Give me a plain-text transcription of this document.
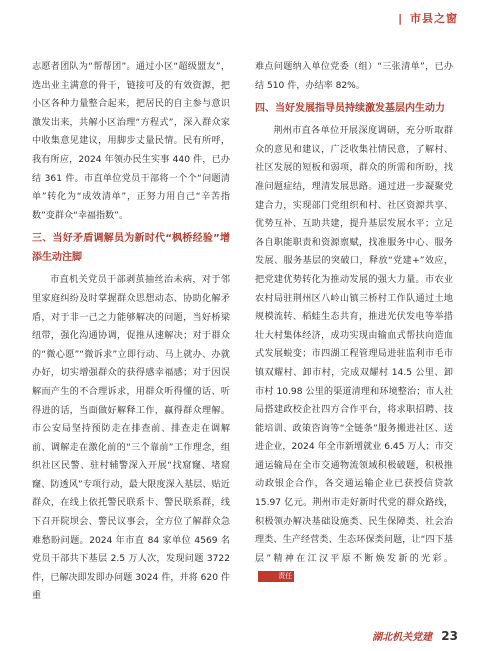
| 市县之窗

志愿者团队为“帮帮团”。通过小区“超级盟友”，选出业主满意的骨干，链接可及的有效资源，把小区各种力量整合起来，把居民的自主参与意识激发出来，共解小区治理“方程式”，深入群众家中收集意见建议，用脚步丈量民情。民有所呼，我有所应，2024 年领办民生实事 440 件，已办结 361 件。市直单位党员干部将一个个“问题清单”转化为“成效清单”，正努力用自己“辛苦指数”变群众“幸福指数”。

三、当好矛盾调解员为新时代“枫桥经验”增添生动注脚

市直机关党员干部剥茧抽丝治未病，对于邻里家庭纠纷及时掌握群众思想动态、协助化解矛盾，对于非一己之力能够解决的问题，当好桥梁纽带，强化沟通协调，促推从速解决；对于群众的“微心愿”“微诉求”立即行动、马上就办、办就办好，切实增强群众的获得感幸福感；对于因误解而产生的不合理诉求，用群众听得懂的话、听得进的话，当面做好解释工作，赢得群众理解。市公安局坚持预防走在排查前、排查走在调解前、调解走在激化前的“三个靠前”工作理念，组织社区民警、驻村辅警深入开展“找窟窿、堵窟窿、防透风”专项行动，最大限度深入基层、贴近群众，在线上依托警民联系卡、警民联系群，线下召开院坝会、警民议事会，全方位了解群众急难愁盼问题。2024 年市直 84 家单位 4569 名党员干部共下基层 2.5 万人次，发现问题 3722 件，已解决即发即办问题 3024 件，并将 620 件重

难点问题纳入单位党委（组）“三张清单”，已办结 510 件，办结率 82%。

四、当好发展指导员持续激发基层内生动力

荆州市直各单位开展深度调研，充分听取群众的意见和建议，广泛收集社情民意，了解村、社区发展的短板和弱项，群众的所需和所盼，找准问题症结，理清发展思路。通过进一步凝聚党建合力，实现部门党组织和村、社区资源共享、优势互补、互助共建，提升基层发展水平；立足各自职能职责和资源禀赋，找准服务中心、服务发展、服务基层的突破口，释放“党建+”效应，把党建优势转化为推动发展的强大力量。市农业农村局驻荆州区八岭山镇三桥村工作队通过土地规模流转、稻蛙生态共育，推进光伏发电等举措壮大村集体经济，成功实现由输血式帮扶向造血式发展蜕变；市四湖工程管理局进驻监利市毛市镇双耀村、卸市村，完成双耀村 14.5 公里、卸市村 10.98 公里的渠道清理和环境整治；市人社局搭建政校企社四方合作平台，将求职招聘、技能培训、政策咨询等“全链条”服务搬进社区、送进企业，2024 年全市新增就业 6.45 万人；市交通运输局在全市交通物流领域积极破题，积极推动政银企合作，各交通运输企业已获授信贷款 15.97 亿元。荆州市走好新时代党的群众路线，积极领办解决基础设施类、民生保障类、社会治理类、生产经营类、生态环保类问题，让“四下基层”精神在江汉平原不断焕发新的光彩。责任

湖北机关党建 23
